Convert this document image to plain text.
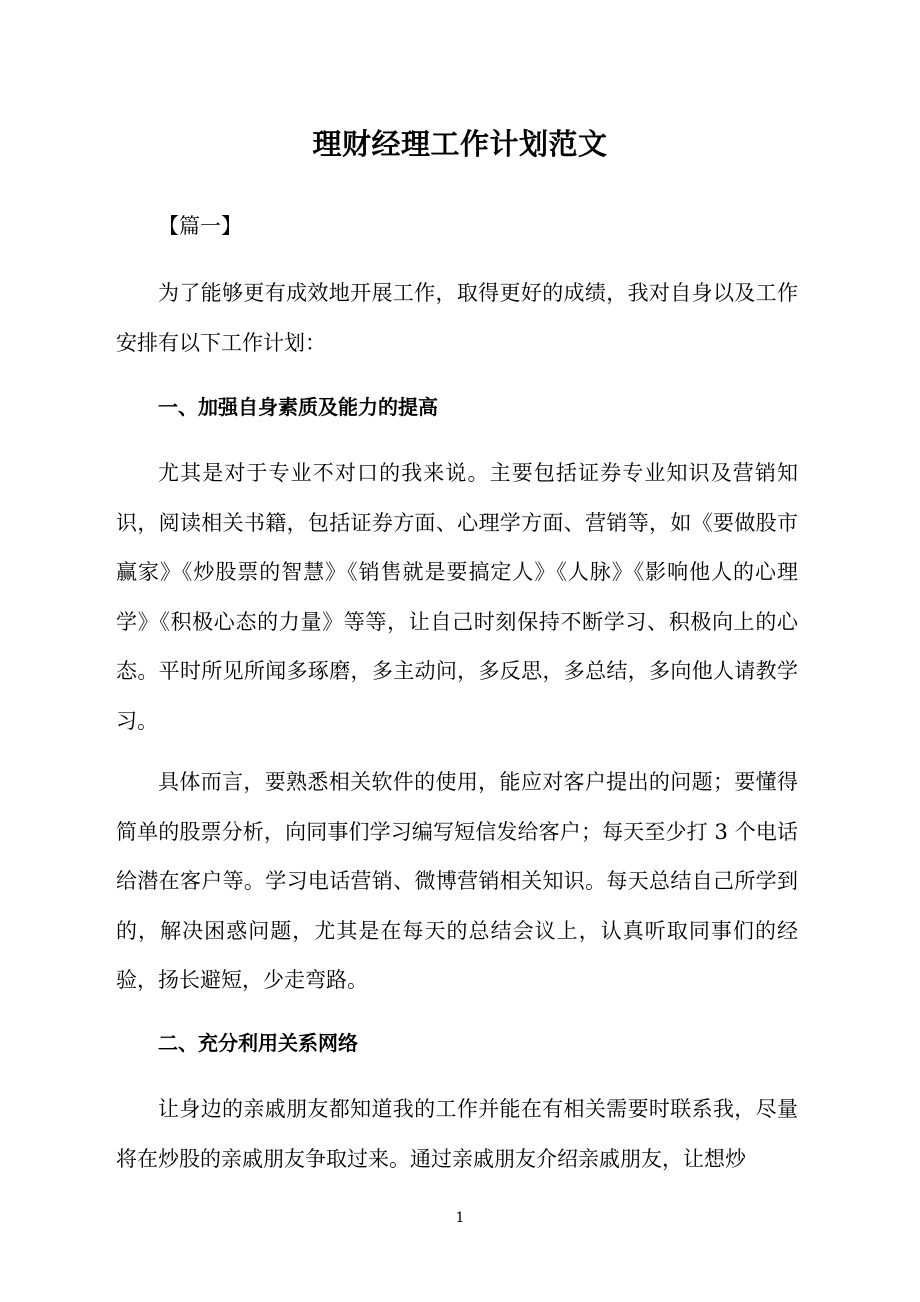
理财经理工作计划范文
【篇一】

为了能够更有成效地开展工作，取得更好的成绩，我对自身以及工作安排有以下工作计划：

一、加强自身素质及能力的提高

尤其是对于专业不对口的我来说。主要包括证券专业知识及营销知识，阅读相关书籍，包括证券方面、心理学方面、营销等，如《要做股市赢家》《炒股票的智慧》《销售就是要搞定人》《人脉》《影响他人的心理学》《积极心态的力量》等等，让自己时刻保持不断学习、积极向上的心态。平时所见所闻多琢磨，多主动问，多反思，多总结，多向他人请教学习。

具体而言，要熟悉相关软件的使用，能应对客户提出的问题；要懂得简单的股票分析，向同事们学习编写短信发给客户；每天至少打 3 个电话给潜在客户等。学习电话营销、微博营销相关知识。每天总结自己所学到的，解决困惑问题，尤其是在每天的总结会议上，认真听取同事们的经验，扬长避短，少走弯路。

二、充分利用关系网络

让身边的亲戚朋友都知道我的工作并能在有相关需要时联系我，尽量将在炒股的亲戚朋友争取过来。通过亲戚朋友介绍亲戚朋友，让想炒

1
